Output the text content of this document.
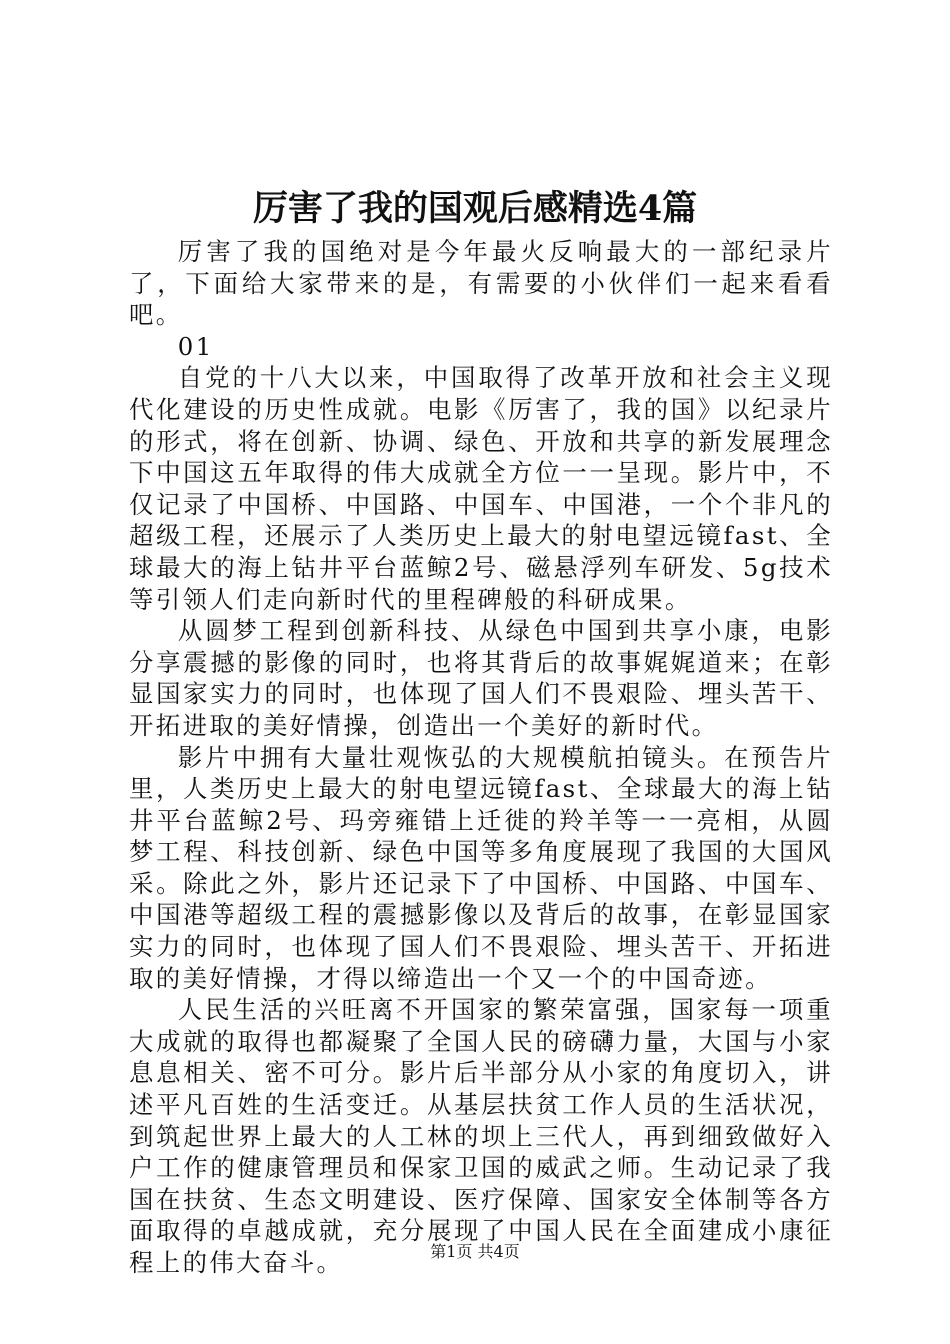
厉害了我的国观后感精选4篇

厉害了我的国绝对是今年最火反响最大的一部纪录片了，下面给大家带来的是，有需要的小伙伴们一起来看看吧。

01

自党的十八大以来，中国取得了改革开放和社会主义现代化建设的历史性成就。电影《厉害了，我的国》以纪录片的形式，将在创新、协调、绿色、开放和共享的新发展理念下中国这五年取得的伟大成就全方位一一呈现。影片中，不仅记录了中国桥、中国路、中国车、中国港，一个个非凡的超级工程，还展示了人类历史上最大的射电望远镜fast、全球最大的海上钻井平台蓝鲸2号、磁悬浮列车研发、5g技术等引领人们走向新时代的里程碑般的科研成果。

从圆梦工程到创新科技、从绿色中国到共享小康，电影分享震撼的影像的同时，也将其背后的故事娓娓道来；在彰显国家实力的同时，也体现了国人们不畏艰险、埋头苦干、开拓进取的美好情操，创造出一个美好的新时代。

影片中拥有大量壮观恢弘的大规模航拍镜头。在预告片里，人类历史上最大的射电望远镜fast、全球最大的海上钻井平台蓝鲸2号、玛旁雍错上迁徙的羚羊等一一亮相，从圆梦工程、科技创新、绿色中国等多角度展现了我国的大国风采。除此之外，影片还记录下了中国桥、中国路、中国车、中国港等超级工程的震撼影像以及背后的故事，在彰显国家实力的同时，也体现了国人们不畏艰险、埋头苦干、开拓进取的美好情操，才得以缔造出一个又一个的中国奇迹。

人民生活的兴旺离不开国家的繁荣富强，国家每一项重大成就的取得也都凝聚了全国人民的磅礴力量，大国与小家息息相关、密不可分。影片后半部分从小家的角度切入，讲述平凡百姓的生活变迁。从基层扶贫工作人员的生活状况，到筑起世界上最大的人工林的坝上三代人，再到细致做好入户工作的健康管理员和保家卫国的威武之师。生动记录了我国在扶贫、生态文明建设、医疗保障、国家安全体制等各方面取得的卓越成就，充分展现了中国人民在全面建成小康征程上的伟大奋斗。	第1页 共4页
